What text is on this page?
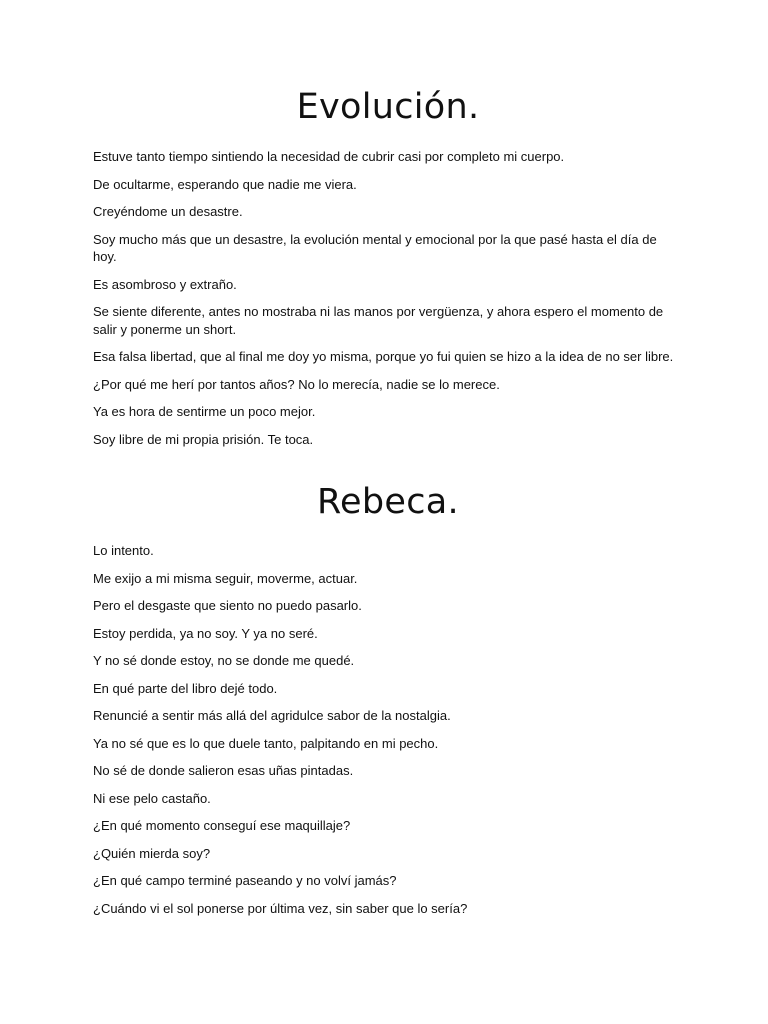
Evolución.

Estuve tanto tiempo sintiendo la necesidad de cubrir casi por completo mi cuerpo.

De ocultarme, esperando que nadie me viera.

Creyéndome un desastre.

Soy mucho más que un desastre, la evolución mental y emocional por la que pasé hasta el día de hoy.

Es asombroso y extraño.

Se siente diferente, antes no mostraba ni las manos por vergüenza, y ahora espero el momento de salir y ponerme un short.

Esa falsa libertad, que al final me doy yo misma, porque yo fui quien se hizo a la idea de no ser libre.

¿Por qué me herí por tantos años? No lo merecía, nadie se lo merece.

Ya es hora de sentirme un poco mejor.

Soy libre de mi propia prisión. Te toca.

Rebeca.

Lo intento.

Me exijo a mi misma seguir, moverme, actuar.

Pero el desgaste que siento no puedo pasarlo.

Estoy perdida, ya no soy. Y ya no seré.

Y no sé donde estoy, no se donde me quedé.

En qué parte del libro dejé todo.

Renuncié a sentir más allá del agridulce sabor de la nostalgia.

Ya no sé que es lo que duele tanto, palpitando en mi pecho.

No sé de donde salieron esas uñas pintadas.

Ni ese pelo castaño.

¿En qué momento conseguí ese maquillaje?

¿Quién mierda soy?

¿En qué campo terminé paseando y no volví jamás?

¿Cuándo vi el sol ponerse por última vez, sin saber que lo sería?
